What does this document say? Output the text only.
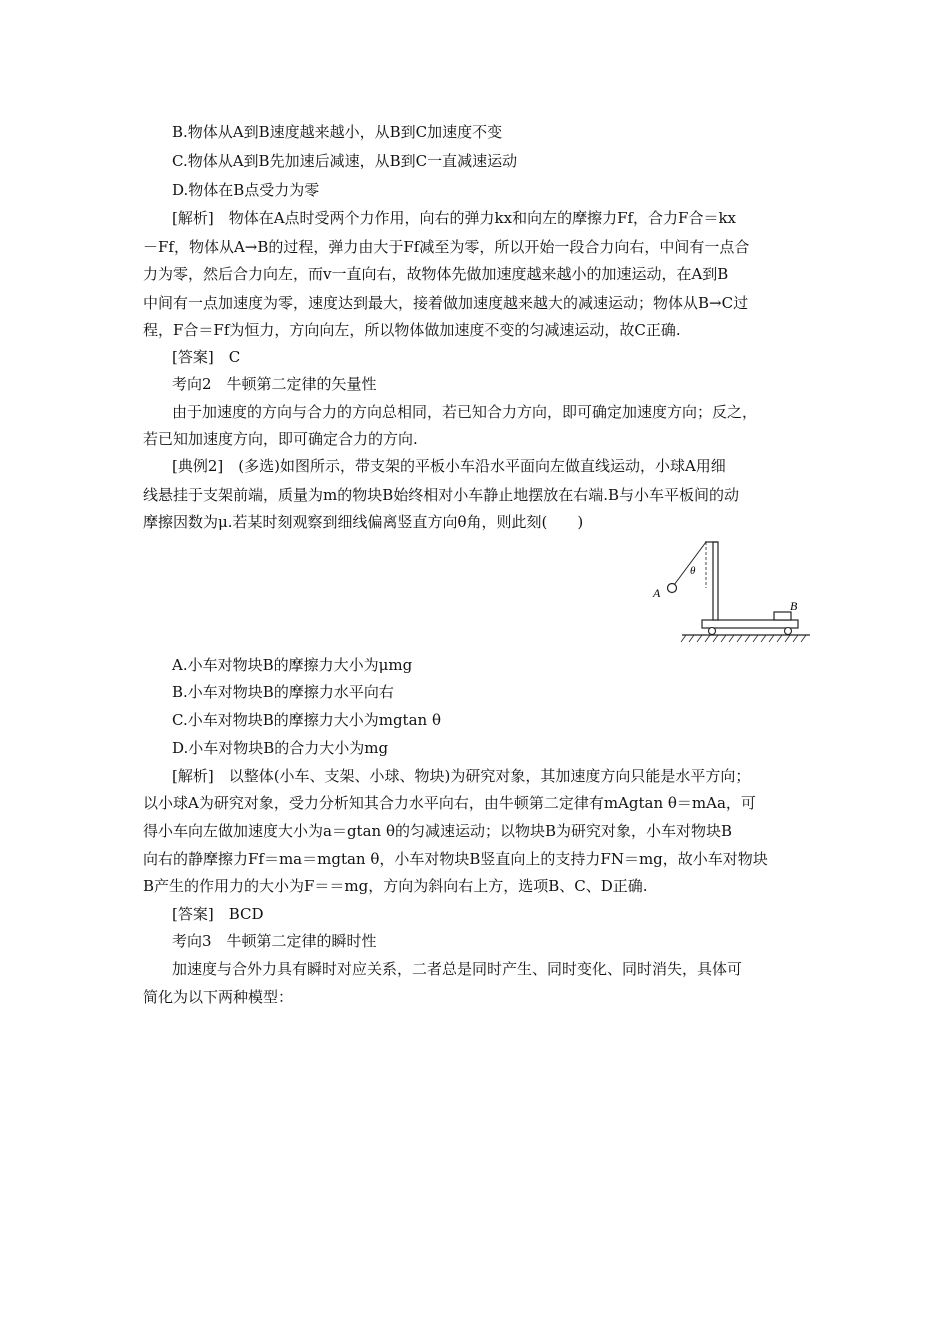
B.物体从A到B速度越来越小，从B到C加速度不变
C.物体从A到B先加速后减速，从B到C一直减速运动
D.物体在B点受力为零
[解析]　物体在A点时受两个力作用，向右的弹力kx和向左的摩擦力Ff，合力F合＝kx
－Ff，物体从A→B的过程，弹力由大于Ff减至为零，所以开始一段合力向右，中间有一点合
力为零，然后合力向左，而v一直向右，故物体先做加速度越来越小的加速运动，在A到B
中间有一点加速度为零，速度达到最大，接着做加速度越来越大的减速运动；物体从B→C过
程，F合＝Ff为恒力，方向向左，所以物体做加速度不变的匀减速运动，故C正确.
[答案]　C
考向2　牛顿第二定律的矢量性
由于加速度的方向与合力的方向总相同，若已知合力方向，即可确定加速度方向；反之，
若已知加速度方向，即可确定合力的方向.
[典例2]　(多选)如图所示，带支架的平板小车沿水平面向左做直线运动，小球A用细
线悬挂于支架前端，质量为m的物块B始终相对小车静止地摆放在右端.B与小车平板间的动
摩擦因数为μ.若某时刻观察到细线偏离竖直方向θ角，则此刻(　　)
A.小车对物块B的摩擦力大小为μmg
B.小车对物块B的摩擦力水平向右
C.小车对物块B的摩擦力大小为mgtan θ
D.小车对物块B的合力大小为mg
[解析]　以整体(小车、支架、小球、物块)为研究对象，其加速度方向只能是水平方向；
以小球A为研究对象，受力分析知其合力水平向右，由牛顿第二定律有mAgtan θ＝mAa，可
得小车向左做加速度大小为a＝gtan θ的匀减速运动；以物块B为研究对象，小车对物块B
向右的静摩擦力Ff＝ma＝mgtan θ，小车对物块B竖直向上的支持力FN＝mg，故小车对物块
B产生的作用力的大小为F＝＝mg，方向为斜向右上方，选项B、C、D正确.
[答案]　BCD
考向3　牛顿第二定律的瞬时性
加速度与合外力具有瞬时对应关系，二者总是同时产生、同时变化、同时消失，具体可
简化为以下两种模型：
A
θ
B
